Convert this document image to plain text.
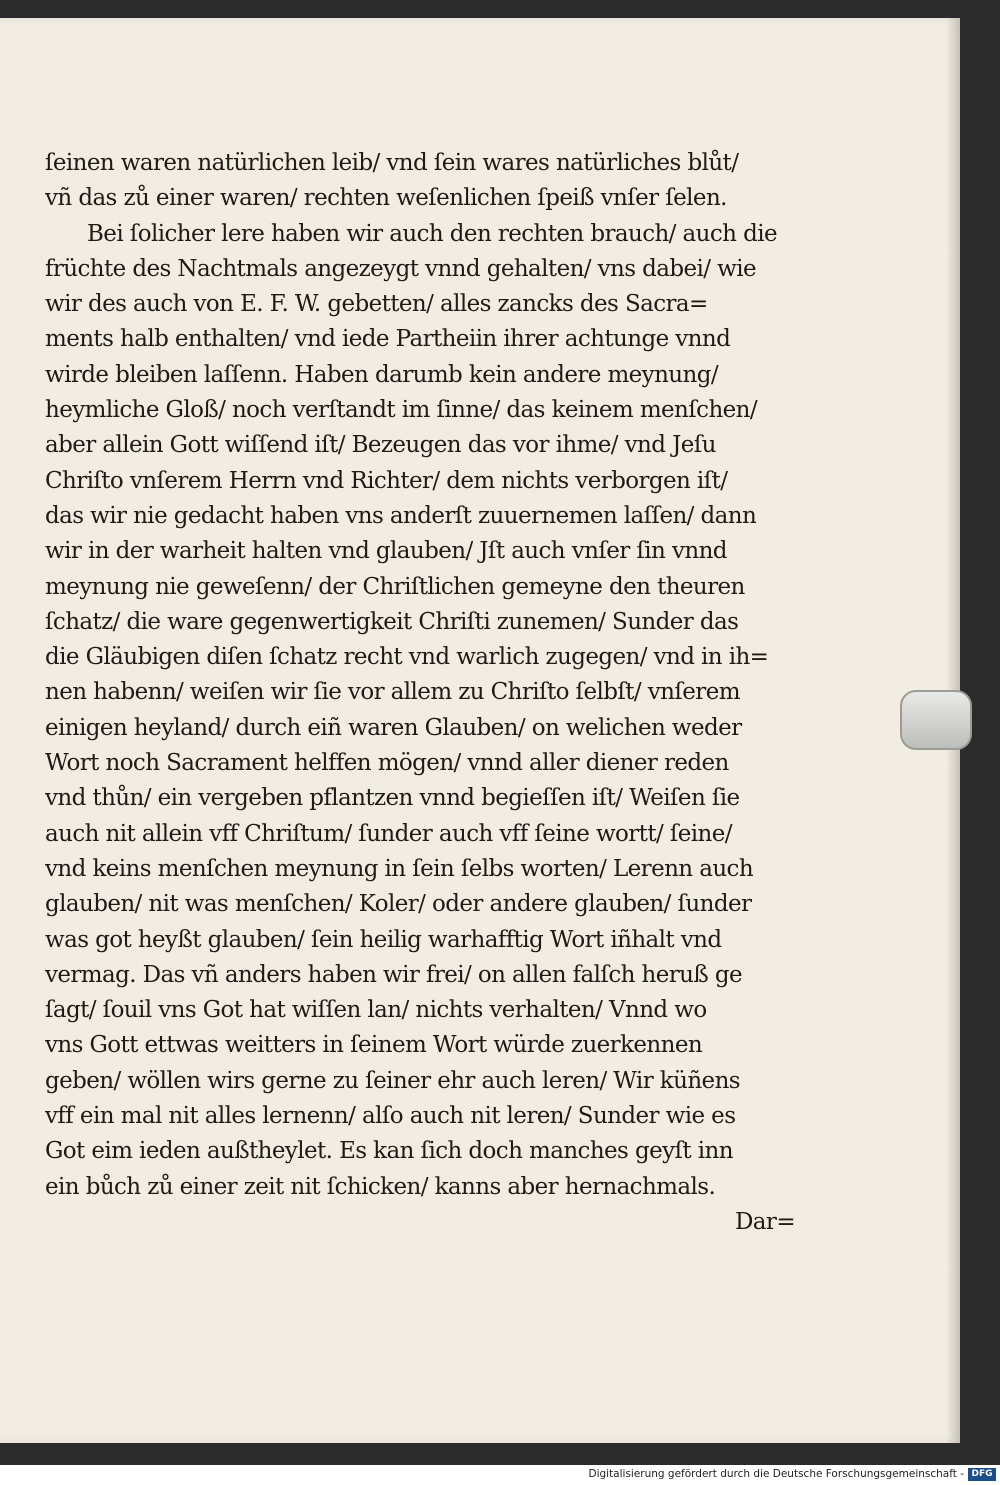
ſeinen waren natürlichen leib/ vnd ſein wares natürliches blůt/
vñ das zů einer waren/ rechten weſenlichen ſpeiß vnſer ſelen.
Bei ſolicher lere haben wir auch den rechten brauch/ auch die
früchte des Nachtmals angezeygt vnnd gehalten/ vns dabei/ wie
wir des auch von E. F. W. gebetten/ alles zancks des Sacra=
ments halb enthalten/ vnd iede Partheiin ihrer achtunge vnnd
wirde bleiben laſſenn. Haben darumb kein andere meynung/
heymliche Gloß/ noch verſtandt im ſinne/ das keinem menſchen/
aber allein Gott wiſſend iſt/ Bezeugen das vor ihme/ vnd Jeſu
Chriſto vnſerem Herrn vnd Richter/ dem nichts verborgen iſt/
das wir nie gedacht haben vns anderſt zuuernemen laſſen/ dann
wir in der warheit halten vnd glauben/ Jſt auch vnſer ſin vnnd
meynung nie geweſenn/ der Chriſtlichen gemeyne den theuren
ſchatz/ die ware gegenwertigkeit Chriſti zunemen/ Sunder das
die Gläubigen diſen ſchatz recht vnd warlich zugegen/ vnd in ih=
nen habenn/ weiſen wir ſie vor allem zu Chriſto ſelbſt/ vnſerem
einigen heyland/ durch eiñ waren Glauben/ on welichen weder
Wort noch Sacrament helffen mögen/ vnnd aller diener reden
vnd thůn/ ein vergeben pflantzen vnnd begieſſen iſt/ Weiſen ſie
auch nit allein vff Chriſtum/ ſunder auch vff ſeine wortt/ ſeine/
vnd keins menſchen meynung in ſein ſelbs worten/ Lerenn auch
glauben/ nit was menſchen/ Koler/ oder andere glauben/ ſunder
was got heyßt glauben/ ſein heilig warhafftig Wort iñhalt vnd
vermag. Das vñ anders haben wir frei/ on allen falſch heruß ge
ſagt/ ſouil vns Got hat wiſſen lan/ nichts verhalten/ Vnnd wo
vns Gott ettwas weitters in ſeinem Wort würde zuerkennen
geben/ wöllen wirs gerne zu ſeiner ehr auch leren/ Wir küñens
vff ein mal nit alles lernenn/ alſo auch nit leren/ Sunder wie es
Got eim ieden außtheylet. Es kan ſich doch manches geyſt inn
ein bůch zů einer zeit nit ſchicken/ kanns aber hernachmals.
Dar=
Digitalisierung gefördert durch die Deutsche Forschungsgemeinschaft - DFG
